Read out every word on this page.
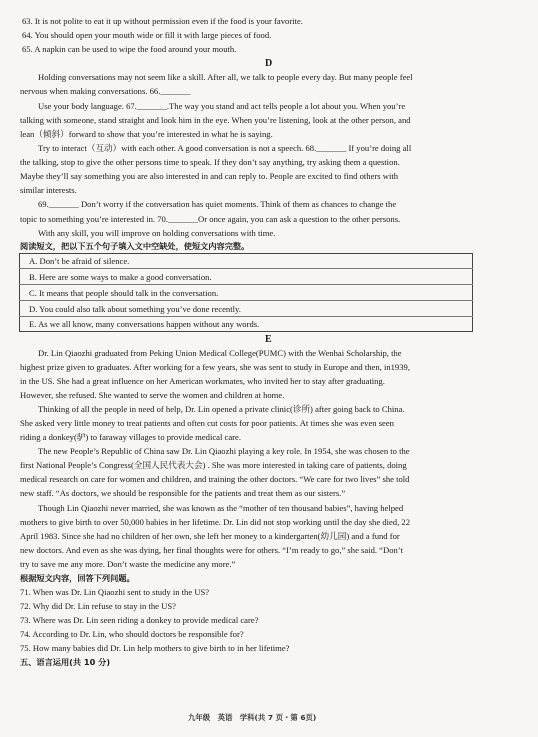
63. It is not polite to eat it up without permission even if the food is your favorite.
64. You should open your mouth wide or fill it with large pieces of food.
65. A napkin can be used to wipe the food around your mouth.
D
Holding conversations may not seem like a skill. After all, we talk to people every day. But many people feel
nervous when making conversations. 66._______
Use your body language. 67._______.The way you stand and act tells people a lot about you. When you’re
talking with someone, stand straight and look him in the eye. When you’re listening, look at the other person, and
lean（倾斜）forward to show that you’re interested in what he is saying.
Try to interact（互动）with each other. A good conversation is not a speech. 68._______ If you’re doing all
the talking, stop to give the other persons time to speak. If they don’t say anything, try asking them a question.
Maybe they’ll say something you are also interested in and can reply to. People are excited to find others with
similar interests.
69._______ Don’t worry if the conversation has quiet moments. Think of them as chances to change the
topic to something you’re interested in. 70._______Or once again, you can ask a question to the other persons.
With any skill, you will improve on holding conversations with time.
阅读短文，把以下五个句子填入文中空缺处，使短文内容完整。
A. Don’t be afraid of silence.
B. Here are some ways to make a good conversation.
C. It means that people should talk in the conversation.
D. You could also talk about something you’ve done recently.
E. As we all know, many conversations happen without any words.
E
Dr. Lin Qiaozhi graduated from Peking Union Medical College(PUMC) with the Wenhai Scholarship, the
highest prize given to graduates. After working for a few years, she was sent to study in Europe and then, in1939,
in the US. She had a great influence on her American workmates, who invited her to stay after graduating.
However, she refused. She wanted to serve the women and children at home.
Thinking of all the people in need of help, Dr. Lin opened a private clinic(诊所) after going back to China.
She asked very little money to treat patients and often cut costs for poor patients. At times she was even seen
riding a donkey(驴) to faraway villages to provide medical care.
The new People’s Republic of China saw Dr. Lin Qiaozhi playing a key role. In 1954, she was chosen to the
first National People’s Congress(全国人民代表大会) . She was more interested in taking care of patients, doing
medical research on care for women and children, and training the other doctors. “We care for two lives” she told
new staff. “As doctors, we should be responsible for the patients and treat them as our sisters.”
Though Lin Qiaozhi never married, she was known as the “mother of ten thousand babies”, having helped
mothers to give birth to over 50,000 babies in her lifetime. Dr. Lin did not stop working until the day she died, 22
April 1983. Since she had no children of her own, she left her money to a kindergarten(幼儿园) and a fund for
new doctors. And even as she was dying, her final thoughts were for others. “I’m ready to go,” she said. “Don’t
try to save me any more. Don’t waste the medicine any more.”
根据短文内容，回答下列问题。
71. When was Dr. Lin Qiaozhi sent to study in the US?
72. Why did Dr. Lin refuse to stay in the US?
73. Where was Dr. Lin seen riding a donkey to provide medical care?
74. According to Dr. Lin, who should doctors be responsible for?
75. How many babies did Dr. Lin help mothers to give birth to in her lifetime?
五、语言运用(共 10 分)
九年级　英语　学科(共 7 页・第 6页)
